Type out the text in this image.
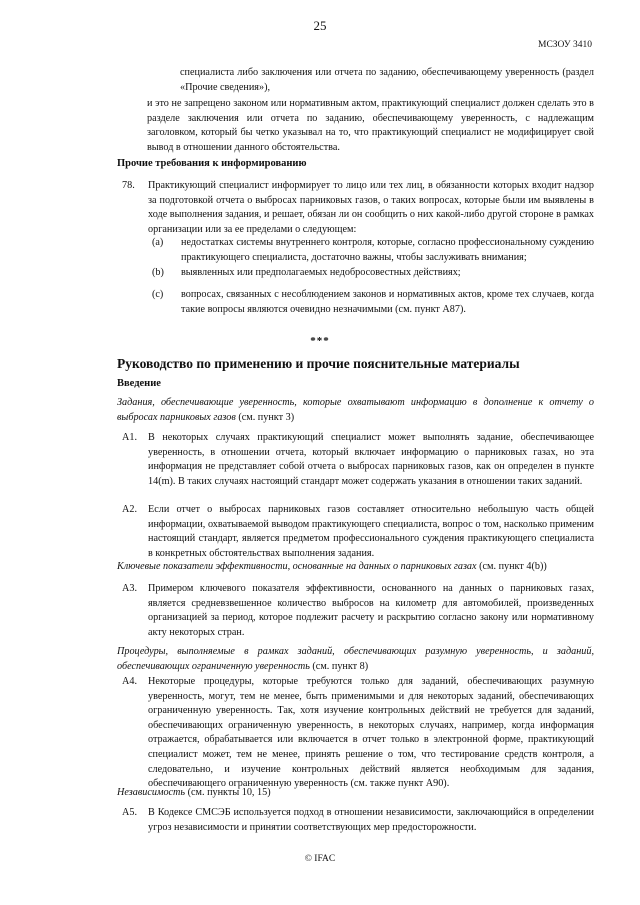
25
МСЗОУ 3410
специалиста либо заключения или отчета по заданию, обеспечивающему уверенность (раздел «Прочие сведения»),
и это не запрещено законом или нормативным актом, практикующий специалист должен сделать это в разделе заключения или отчета по заданию, обеспечивающему уверенность, с надлежащим заголовком, который бы четко указывал на то, что практикующий специалист не модифицирует свой вывод в отношении данного обстоятельства.
Прочие требования к информированию
78. Практикующий специалист информирует то лицо или тех лиц, в обязанности которых входит надзор за подготовкой отчета о выбросах парниковых газов, о таких вопросах, которые были им выявлены в ходе выполнения задания, и решает, обязан ли он сообщить о них какой-либо другой стороне в рамках организации или за ее пределами о следующем:
(a) недостатках системы внутреннего контроля, которые, согласно профессиональному суждению практикующего специалиста, достаточно важны, чтобы заслуживать внимания;
(b) выявленных или предполагаемых недобросовестных действиях;
(c) вопросах, связанных с несоблюдением законов и нормативных актов, кроме тех случаев, когда такие вопросы являются очевидно незначимыми (см. пункт A87).
***
Руководство по применению и прочие пояснительные материалы
Введение
Задания, обеспечивающие уверенность, которые охватывают информацию в дополнение к отчету о выбросах парниковых газов (см. пункт 3)
A1. В некоторых случаях практикующий специалист может выполнять задание, обеспечивающее уверенность, в отношении отчета, который включает информацию о парниковых газах, но эта информация не представляет собой отчета о выбросах парниковых газов, как он определен в пункте 14(m). В таких случаях настоящий стандарт может содержать указания в отношении таких заданий.
A2. Если отчет о выбросах парниковых газов составляет относительно небольшую часть общей информации, охватываемой выводом практикующего специалиста, вопрос о том, насколько применим настоящий стандарт, является предметом профессионального суждения практикующего специалиста в конкретных обстоятельствах выполнения задания.
Ключевые показатели эффективности, основанные на данных о парниковых газах (см. пункт 4(b))
A3. Примером ключевого показателя эффективности, основанного на данных о парниковых газах, является средневзвешенное количество выбросов на километр для автомобилей, произведенных организацией за период, которое подлежит расчету и раскрытию согласно закону или нормативному акту некоторых стран.
Процедуры, выполняемые в рамках заданий, обеспечивающих разумную уверенность, и заданий, обеспечивающих ограниченную уверенность (см. пункт 8)
A4. Некоторые процедуры, которые требуются только для заданий, обеспечивающих разумную уверенность, могут, тем не менее, быть применимыми и для некоторых заданий, обеспечивающих ограниченную уверенность. Так, хотя изучение контрольных действий не требуется для заданий, обеспечивающих ограниченную уверенность, в некоторых случаях, например, когда информация отражается, обрабатывается или включается в отчет только в электронной форме, практикующий специалист может, тем не менее, принять решение о том, что тестирование средств контроля, а следовательно, и изучение контрольных действий является необходимым для задания, обеспечивающего ограниченную уверенность (см. также пункт A90).
Независимость (см. пункты 10, 15)
A5. В Кодексе СМСЭБ используется подход в отношении независимости, заключающийся в определении угроз независимости и принятии соответствующих мер предосторожности.
© IFAC
